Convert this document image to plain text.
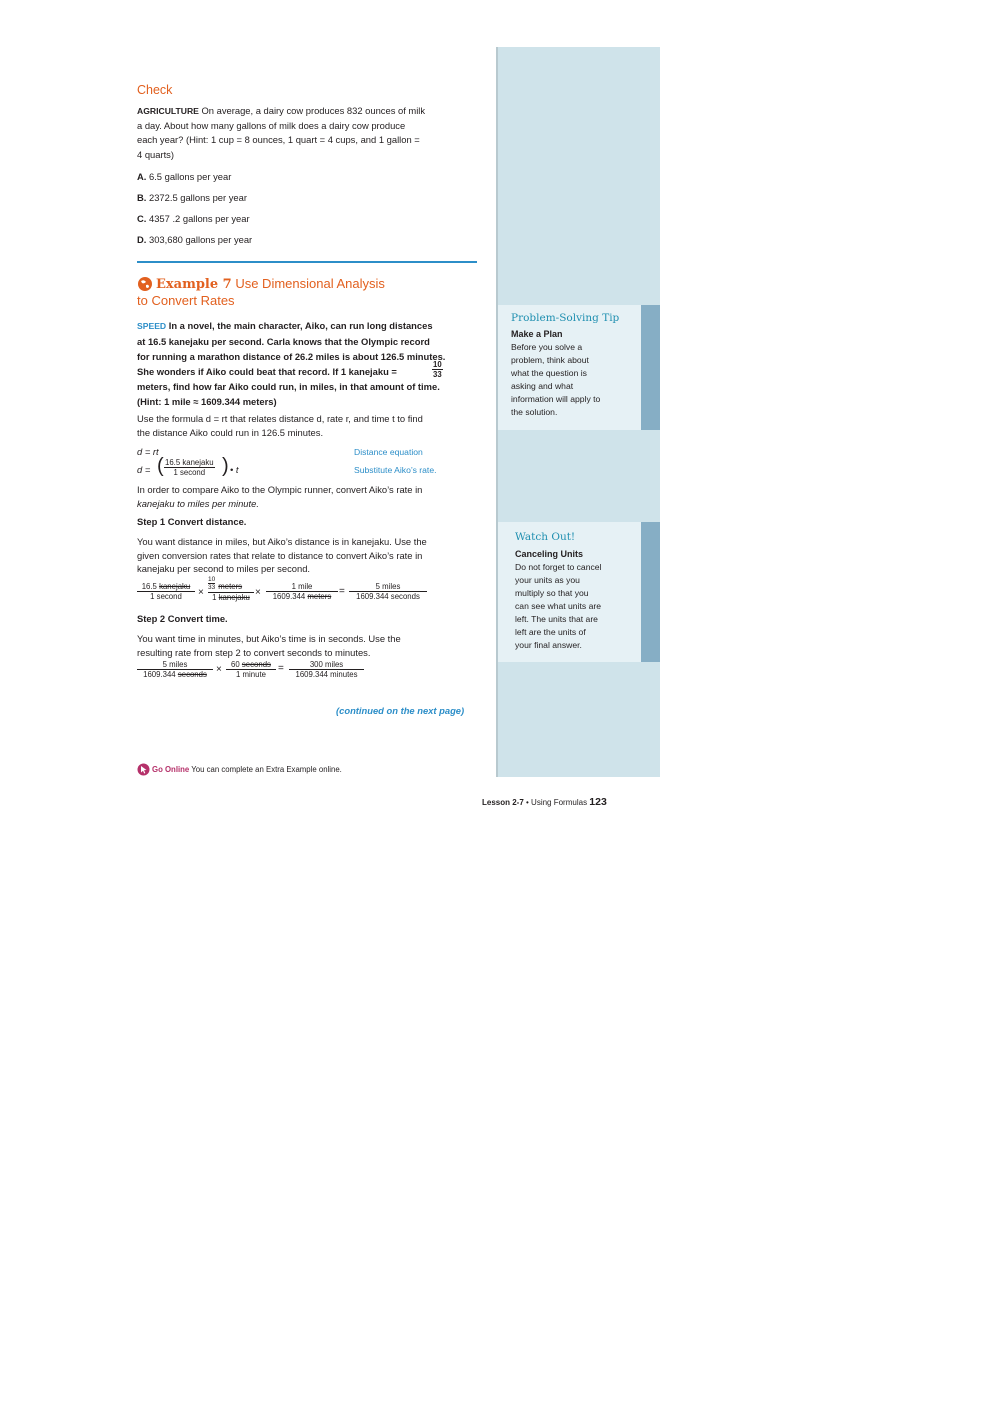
Problem-Solving Tip
Make a Plan
Before you solve a
problem, think about
what the question is
asking and what
information will apply to
the solution.
Watch Out!
Canceling Units
Do not forget to cancel
your units as you
multiply so that you
can see what units are
left. The units that are
left are the units of
your final answer.
Check
AGRICULTURE On average, a dairy cow produces 832 ounces of milk
a day. About how many gallons of milk does a dairy cow produce
each year? (Hint: 1 cup = 8 ounces, 1 quart = 4 cups, and 1 gallon =
4 quarts)
A. 6.5 gallons per year
B. 2372.5 gallons per year
C. 4357 .2 gallons per year
D. 303,680 gallons per year
Example 7 Use Dimensional Analysis
to Convert Rates
SPEED In a novel, the main character, Aiko, can run long distances
at 16.5 kanejaku per second. Carla knows that the Olympic record
for running a marathon distance of 26.2 miles is about 126.5 minutes.
She wonders if Aiko could beat that record. If 1 kanejaku =
meters, find how far Aiko could run, in miles, in that amount of time.
(Hint: 1 mile ≈ 1609.344 meters)
$\frac{10}{33}$
Use the formula d = rt that relates distance d, rate r, and time t to find
the distance Aiko could run in 126.5 minutes.
d = rt	Distance equation
d = ( 16.5 kanejaku
1 second ) • t	Substitute Aiko’s rate.
In order to compare Aiko to the Olympic runner, convert Aiko’s rate in
kanejaku to miles per minute.
Step 1 Convert distance.
You want distance in miles, but Aiko’s distance is in kanejaku. Use the
given conversion rates that relate to distance to convert Aiko’s rate in
kanejaku per second to miles per second.
16.5 kanejaku
1 second ×
$\frac{10}{33}$ meters
1 kanejaku ×
1 mile
1609.344 meters =	5 miles
1609.344 seconds
Step 2 Convert time.
You want time in minutes, but Aiko’s time is in seconds. Use the
resulting rate from step 2 to convert seconds to minutes.
5 miles
1609.344 seconds ×	60 seconds
1 minute
=	300 miles
1609.344 minutes
(continued on the next page)
Go Online You can complete an Extra Example online.
Lesson 2-7 • Using Formulas 123
